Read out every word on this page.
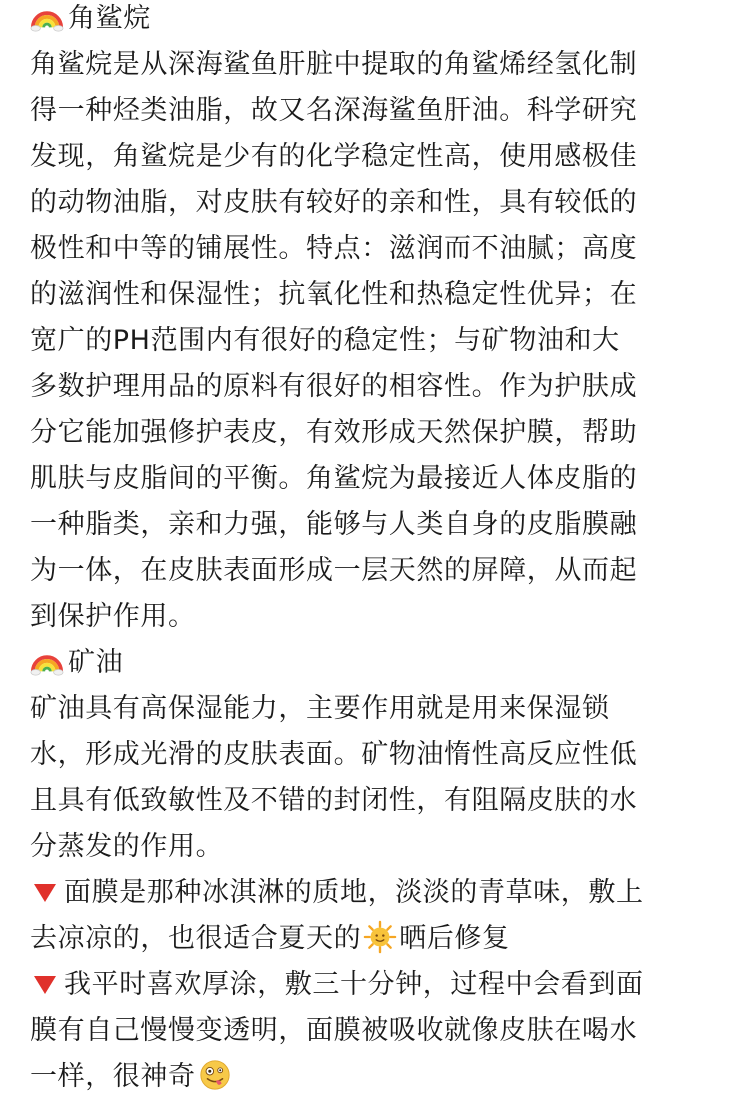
角鲨烷
角鲨烷是从深海鲨鱼肝脏中提取的角鲨烯经氢化制
得一种烃类油脂，故又名深海鲨鱼肝油。科学研究
发现，角鲨烷是少有的化学稳定性高，使用感极佳
的动物油脂，对皮肤有较好的亲和性，具有较低的
极性和中等的铺展性。特点：滋润而不油腻；高度
的滋润性和保湿性；抗氧化性和热稳定性优异；在
宽广的PH范围内有很好的稳定性；与矿物油和大
多数护理用品的原料有很好的相容性。作为护肤成
分它能加强修护表皮，有效形成天然保护膜，帮助
肌肤与皮脂间的平衡。角鲨烷为最接近人体皮脂的
一种脂类，亲和力强，能够与人类自身的皮脂膜融
为一体，在皮肤表面形成一层天然的屏障，从而起
到保护作用。
矿油
矿油具有高保湿能力，主要作用就是用来保湿锁
水，形成光滑的皮肤表面。矿物油惰性高反应性低
且具有低致敏性及不错的封闭性，有阻隔皮肤的水
分蒸发的作用。
面膜是那种冰淇淋的质地，淡淡的青草味，敷上
去凉凉的，也很适合夏天的 晒后修复
我平时喜欢厚涂，敷三十分钟，过程中会看到面
膜有自己慢慢变透明，面膜被吸收就像皮肤在喝水
一样，很神奇
